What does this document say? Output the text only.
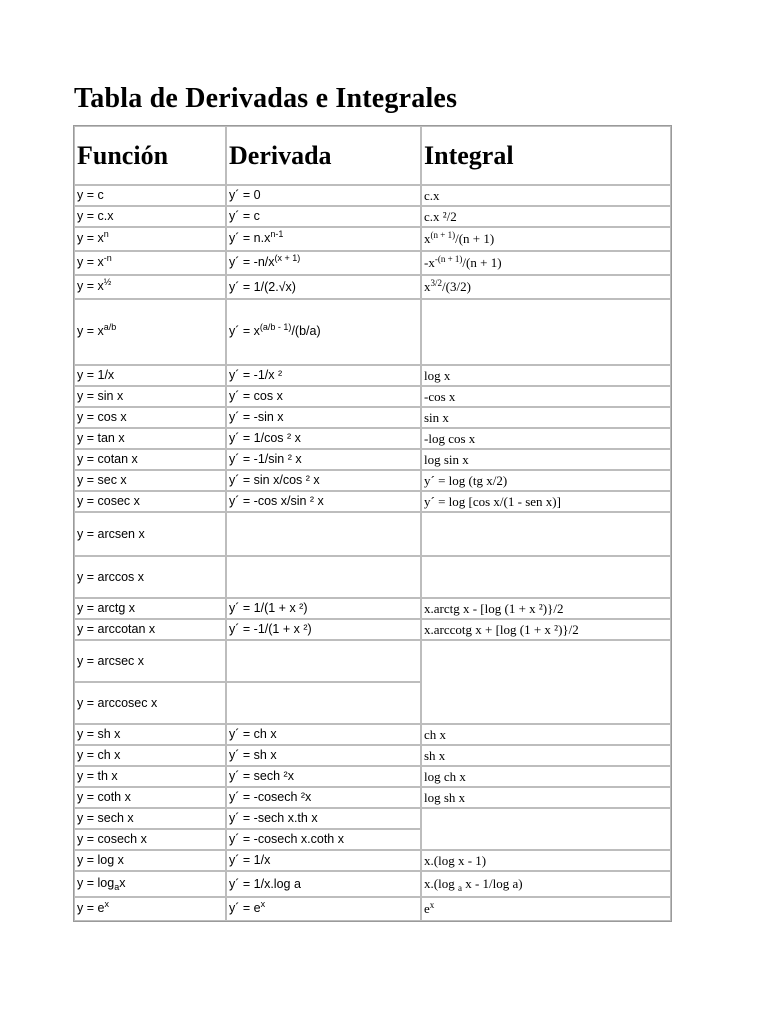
Tabla de Derivadas e Integrales
Función	Derivada	Integral
y = c	y´ = 0	c.x
y = c.x	y´ = c	c.x ²/2
$y = x^n$	y´ = $n.x^{n-1}$	$x^{(n + 1)}/(n + 1)$
$y = x^{-n}$	y´ = $-n/x^{(x + 1)}$	$-x^{-(n + 1)}/(n + 1)$
$y = x^{\frac{1}{2}}$	y´ = 1/(2.√x)	$x^{3/2}/(3/2)$
$y = x^{a/b}$	y´ = $x^{(a/b - 1)}/(b/a)$	
y = 1/x	y´ = -1/x ²	log x
y = sin x	y´ = cos x	-cos x
y = cos x	y´ = -sin x	sin x
y = tan x	y´ = 1/cos ² x	-log cos x
y = cotan x	y´ = -1/sin ² x	log sin x
y = sec x	y´ = sin x/cos ² x	y´ = log (tg x/2)
y = cosec x	y´ = -cos x/sin ² x	y´ = log [cos x/(1 - sen x)]
y = arcsen x		
y = arccos x		
y = arctg x	y´ = 1/(1 + x ²)	x.arctg x - [log (1 + x ²)}/2
y = arccotan x	y´ = -1/(1 + x ²)	x.arccotg x + [log (1 + x ²)}/2
y = arcsec x		
y = arccosec x		
y = sh x	y´ = ch x	ch x
y = ch x	y´ = sh x	sh x
y = th x	y´ = sech ²x	log ch x
y = coth x	y´ = -cosech ²x	log sh x
y = sech x	y´ = -sech x.th x	
y = cosech x	y´ = -cosech x.coth x	
y = log x	y´ = 1/x	x.(log x - 1)
$y = \log_ax$	y´ = 1/x.log a	x.(log $_a$ x - 1/log a)
$y = e^x$	y´ = $e^x$	$e^x$
